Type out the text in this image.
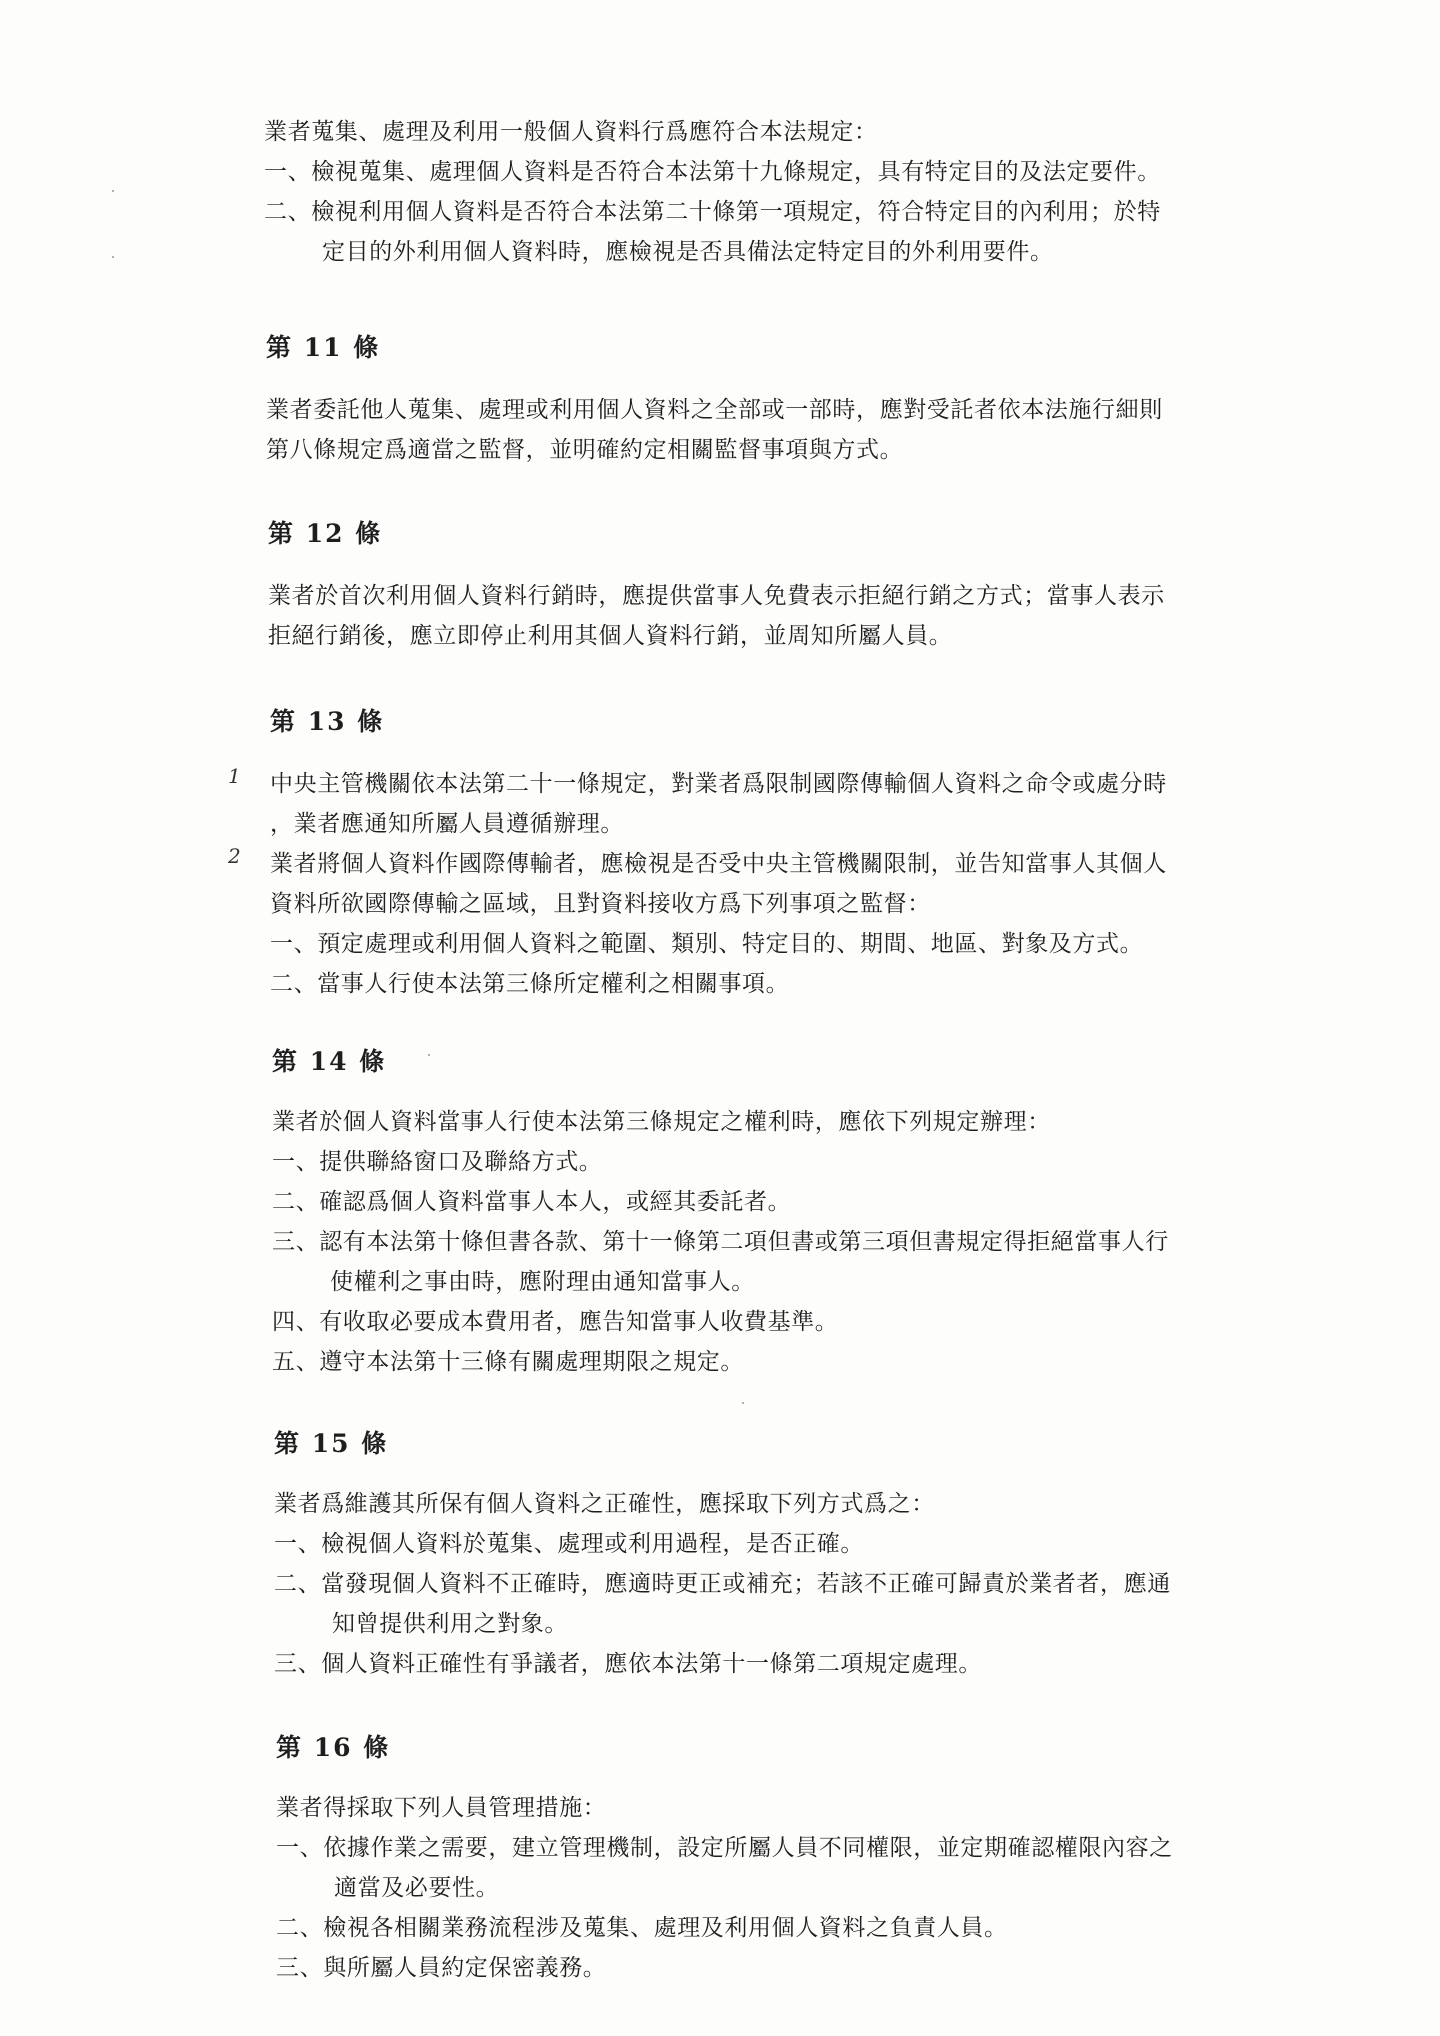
業者蒐集、處理及利用一般個人資料行爲應符合本法規定：
一、檢視蒐集、處理個人資料是否符合本法第十九條規定，具有特定目的及法定要件。
二、檢視利用個人資料是否符合本法第二十條第一項規定，符合特定目的內利用；於特
定目的外利用個人資料時，應檢視是否具備法定特定目的外利用要件。
第 11 條
業者委託他人蒐集、處理或利用個人資料之全部或一部時，應對受託者依本法施行細則
第八條規定爲適當之監督，並明確約定相關監督事項與方式。
第 12 條
業者於首次利用個人資料行銷時，應提供當事人免費表示拒絕行銷之方式；當事人表示
拒絕行銷後，應立即停止利用其個人資料行銷，並周知所屬人員。
第 13 條
1 中央主管機關依本法第二十一條規定，對業者爲限制國際傳輸個人資料之命令或處分時
，業者應通知所屬人員遵循辦理。
2 業者將個人資料作國際傳輸者，應檢視是否受中央主管機關限制，並告知當事人其個人
資料所欲國際傳輸之區域，且對資料接收方爲下列事項之監督：
一、預定處理或利用個人資料之範圍、類別、特定目的、期間、地區、對象及方式。
二、當事人行使本法第三條所定權利之相關事項。
第 14 條
業者於個人資料當事人行使本法第三條規定之權利時，應依下列規定辦理：
一、提供聯絡窗口及聯絡方式。
二、確認爲個人資料當事人本人，或經其委託者。
三、認有本法第十條但書各款、第十一條第二項但書或第三項但書規定得拒絕當事人行
使權利之事由時，應附理由通知當事人。
四、有收取必要成本費用者，應告知當事人收費基準。
五、遵守本法第十三條有關處理期限之規定。
第 15 條
業者爲維護其所保有個人資料之正確性，應採取下列方式爲之：
一、檢視個人資料於蒐集、處理或利用過程，是否正確。
二、當發現個人資料不正確時，應適時更正或補充；若該不正確可歸責於業者者，應通
知曾提供利用之對象。
三、個人資料正確性有爭議者，應依本法第十一條第二項規定處理。
第 16 條
業者得採取下列人員管理措施：
一、依據作業之需要，建立管理機制，設定所屬人員不同權限，並定期確認權限內容之
適當及必要性。
二、檢視各相關業務流程涉及蒐集、處理及利用個人資料之負責人員。
三、與所屬人員約定保密義務。
